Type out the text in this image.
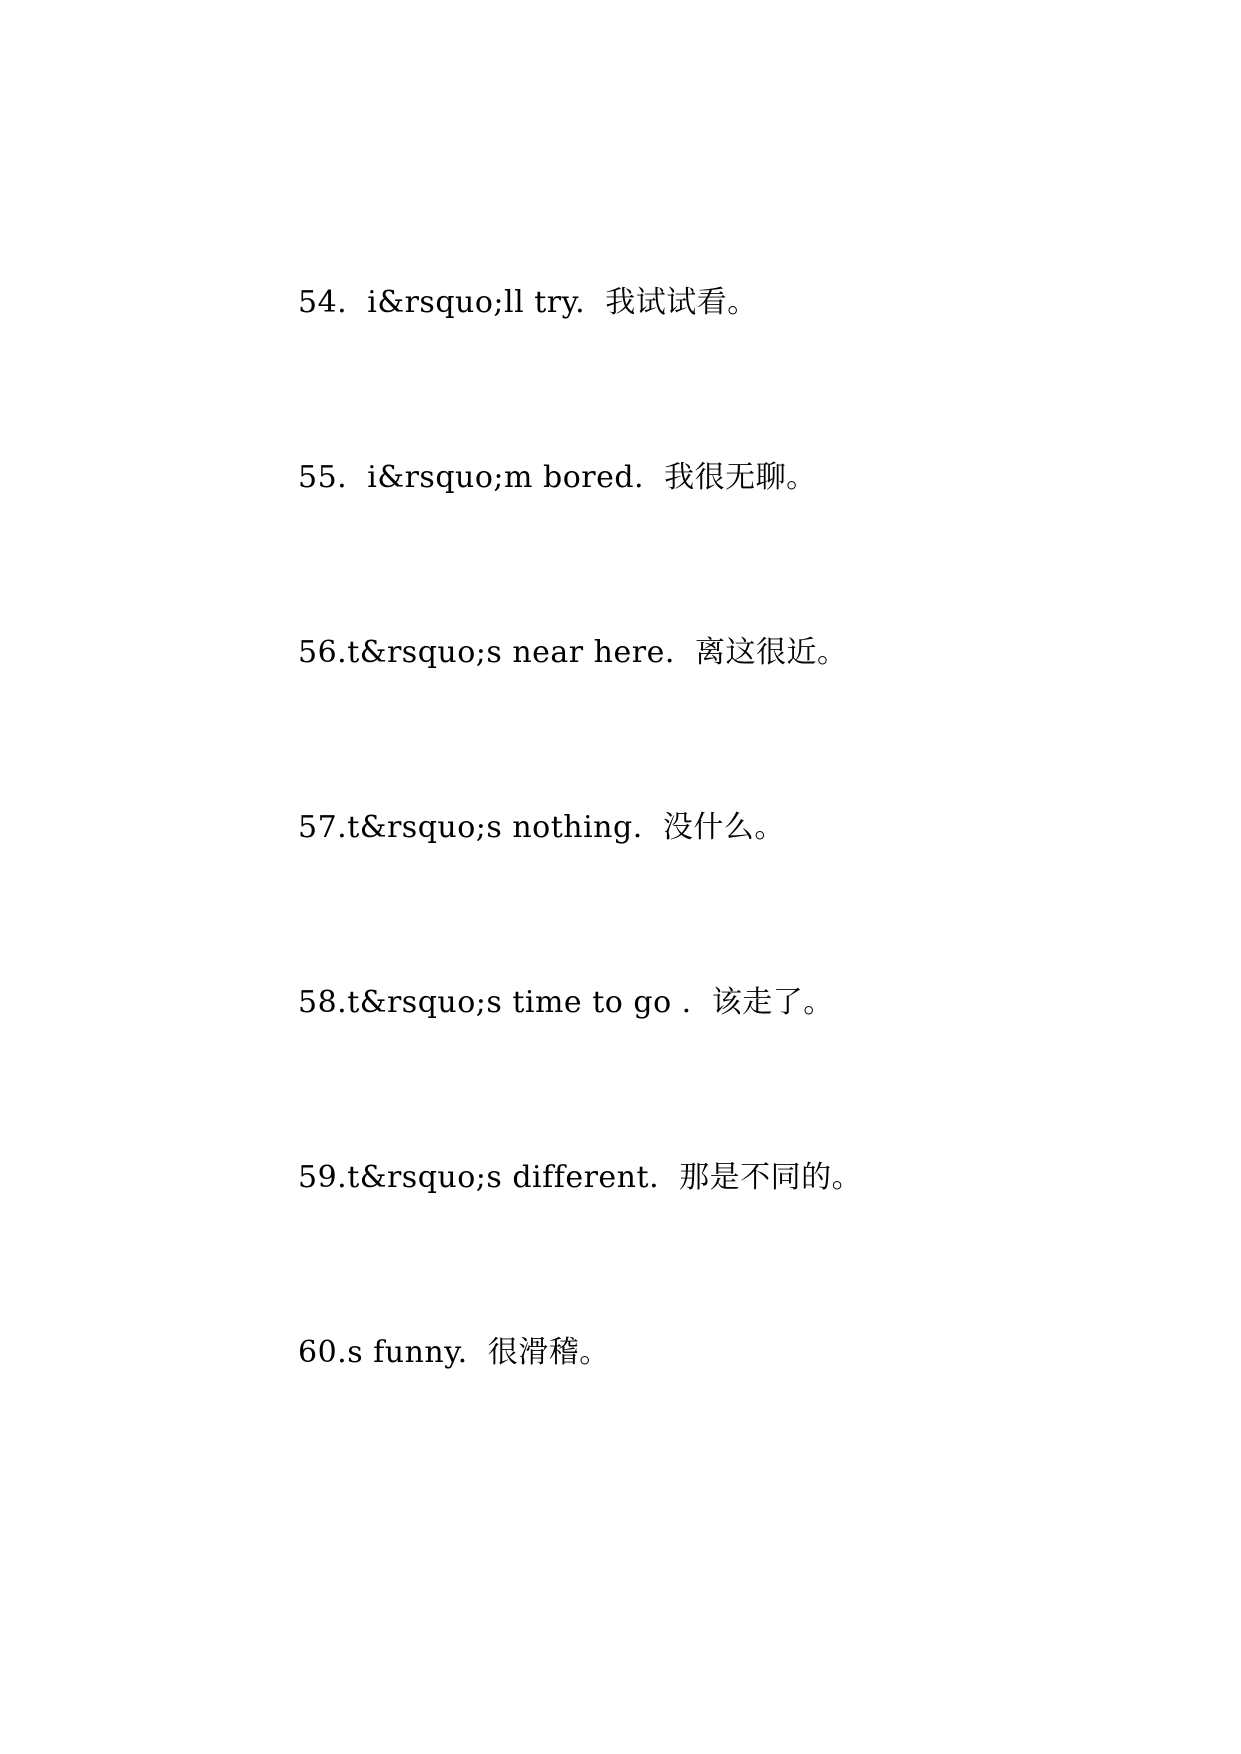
54.  i&rsquo;ll try.  我试试看。
55.  i&rsquo;m bored.  我很无聊。
56.t&rsquo;s near here.  离这很近。
57.t&rsquo;s nothing.  没什么。
58.t&rsquo;s time to go .  该走了。
59.t&rsquo;s different.  那是不同的。
60.s funny.  很滑稽。
